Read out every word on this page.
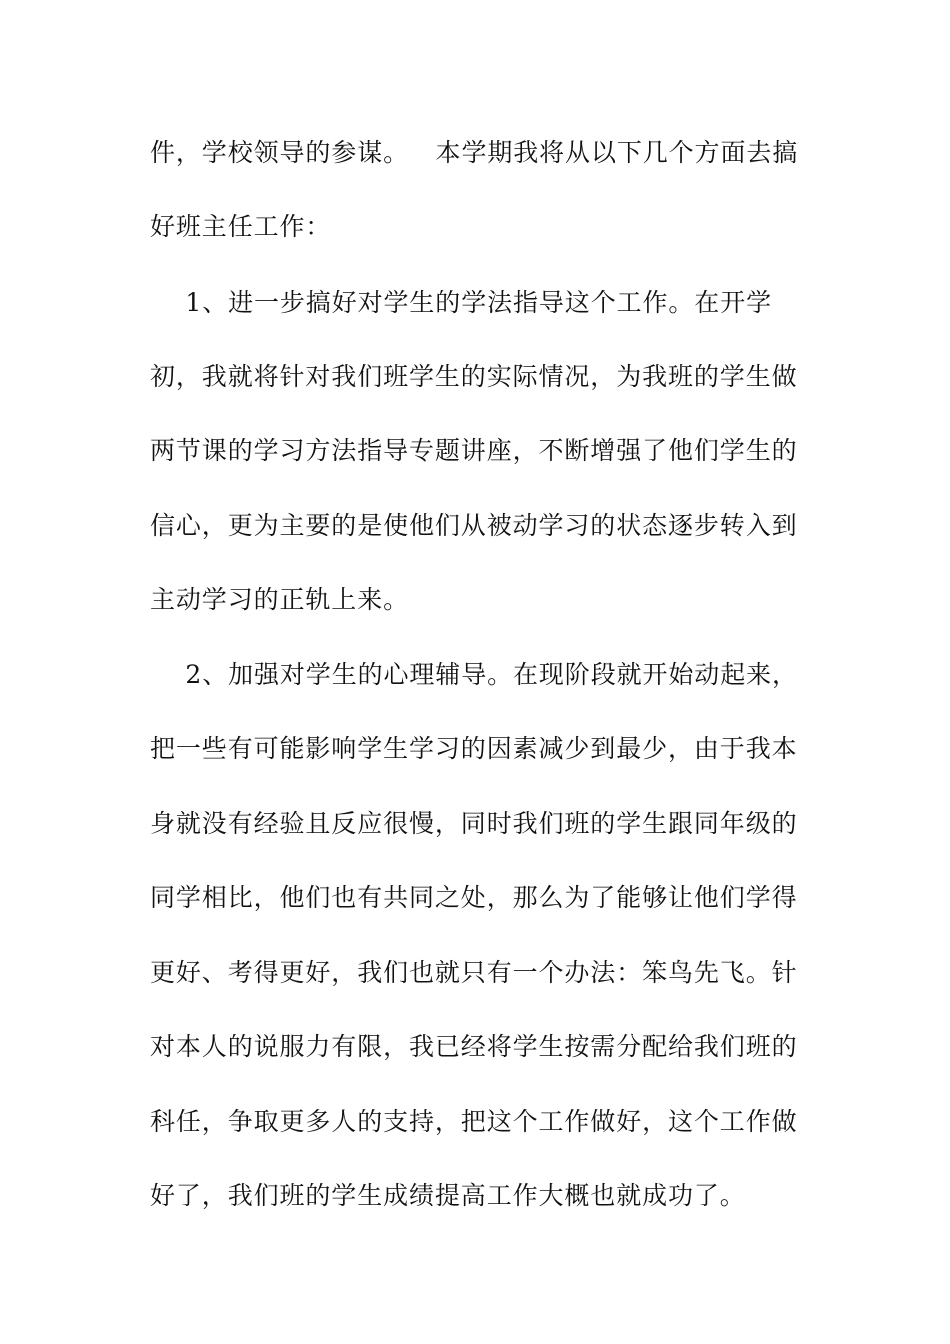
件，学校领导的参谋。   本学期我将从以下几个方面去搞
好班主任工作：
1、进一步搞好对学生的学法指导这个工作。在开学
初，我就将针对我们班学生的实际情况，为我班的学生做
两节课的学习方法指导专题讲座，不断增强了他们学生的
信心，更为主要的是使他们从被动学习的状态逐步转入到
主动学习的正轨上来。
2、加强对学生的心理辅导。在现阶段就开始动起来，
把一些有可能影响学生学习的因素减少到最少，由于我本
身就没有经验且反应很慢，同时我们班的学生跟同年级的
同学相比，他们也有共同之处，那么为了能够让他们学得
更好、考得更好，我们也就只有一个办法：笨鸟先飞。针
对本人的说服力有限，我已经将学生按需分配给我们班的
科任，争取更多人的支持，把这个工作做好，这个工作做
好了，我们班的学生成绩提高工作大概也就成功了。
